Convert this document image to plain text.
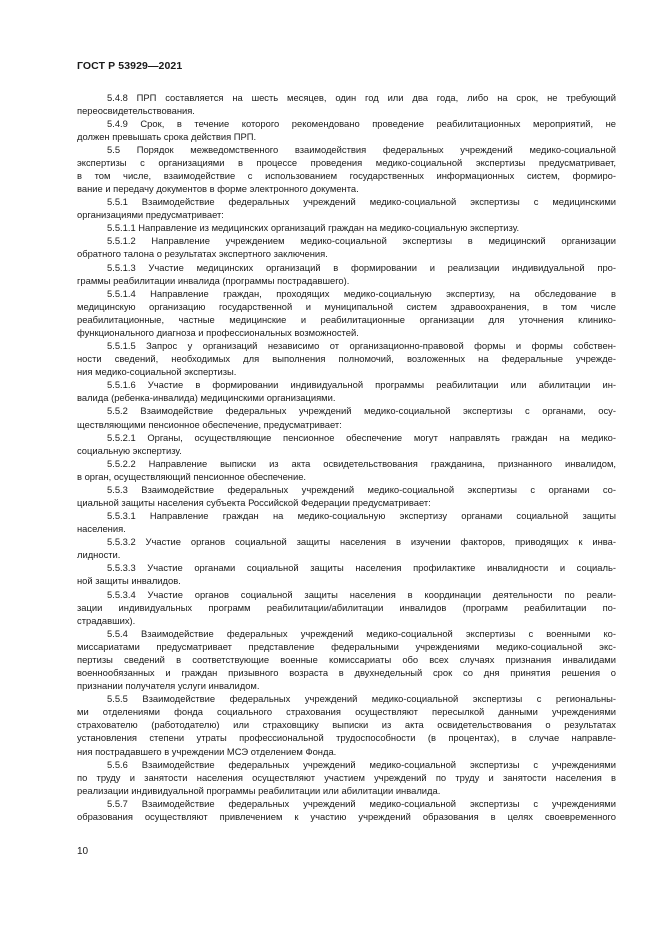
ГОСТ Р 53929—2021
5.4.8 ПРП составляется на шесть месяцев, один год или два года, либо на срок, не требующий
переосвидетельствования.
5.4.9 Срок, в течение которого рекомендовано проведение реабилитационных мероприятий, не
должен превышать срока действия ПРП.
5.5 Порядок межведомственного взаимодействия федеральных учреждений медико-социальной
экспертизы с организациями в процессе проведения медико-социальной экспертизы предусматривает,
в том числе, взаимодействие с использованием государственных информационных систем, формиро-
вание и передачу документов в форме электронного документа.
5.5.1 Взаимодействие федеральных учреждений медико-социальной экспертизы с медицинскими
организациями предусматривает:
5.5.1.1 Направление из медицинских организаций граждан на медико-социальную экспертизу.
5.5.1.2 Направление учреждением медико-социальной экспертизы в медицинский организации
обратного талона о результатах экспертного заключения.
5.5.1.3 Участие медицинских организаций в формировании и реализации индивидуальной про-
граммы реабилитации инвалида (программы пострадавшего).
5.5.1.4 Направление граждан, проходящих медико-социальную экспертизу, на обследование в
медицинскую организацию государственной и муниципальной систем здравоохранения, в том числе
реабилитационные, частные медицинские и реабилитационные организации для уточнения клинико-
функционального диагноза и профессиональных возможностей.
5.5.1.5 Запрос у организаций независимо от организационно-правовой формы и формы собствен-
ности сведений, необходимых для выполнения полномочий, возложенных на федеральные учрежде-
ния медико-социальной экспертизы.
5.5.1.6 Участие в формировании индивидуальной программы реабилитации или абилитации ин-
валида (ребенка-инвалида) медицинскими организациями.
5.5.2 Взаимодействие федеральных учреждений медико-социальной экспертизы с органами, осу-
ществляющими пенсионное обеспечение, предусматривает:
5.5.2.1 Органы, осуществляющие пенсионное обеспечение могут направлять граждан на медико-
социальную экспертизу.
5.5.2.2 Направление выписки из акта освидетельствования гражданина, признанного инвалидом,
в орган, осуществляющий пенсионное обеспечение.
5.5.3 Взаимодействие федеральных учреждений медико-социальной экспертизы с органами со-
циальной защиты населения субъекта Российской Федерации предусматривает:
5.5.3.1 Направление граждан на медико-социальную экспертизу органами социальной защиты
населения.
5.5.3.2 Участие органов социальной защиты населения в изучении факторов, приводящих к инва-
лидности.
5.5.3.3 Участие органами социальной защиты населения профилактике инвалидности и социаль-
ной защиты инвалидов.
5.5.3.4 Участие органов социальной защиты населения в координации деятельности по реали-
зации индивидуальных программ реабилитации/абилитации инвалидов (программ реабилитации по-
страдавших).
5.5.4 Взаимодействие федеральных учреждений медико-социальной экспертизы с военными ко-
миссариатами предусматривает представление федеральными учреждениями медико-социальной экс-
пертизы сведений в соответствующие военные комиссариаты обо всех случаях признания инвалидами
военнообязанных и граждан призывного возраста в двухнедельный срок со дня принятия решения о
признании получателя услуги инвалидом.
5.5.5 Взаимодействие федеральных учреждений медико-социальной экспертизы с региональны-
ми отделениями фонда социального страхования осуществляют пересылкой данными учреждениями
страхователю (работодателю) или страховщику выписки из акта освидетельствования о результатах
установления степени утраты профессиональной трудоспособности (в процентах), в случае направле-
ния пострадавшего в учреждении МСЭ отделением Фонда.
5.5.6 Взаимодействие федеральных учреждений медико-социальной экспертизы с учреждениями
по труду и занятости населения осуществляют участием учреждений по труду и занятости населения в
реализации индивидуальной программы реабилитации или абилитации инвалида.
5.5.7 Взаимодействие федеральных учреждений медико-социальной экспертизы с учреждениями
образования осуществляют привлечением к участию учреждений образования в целях своевременного
10
